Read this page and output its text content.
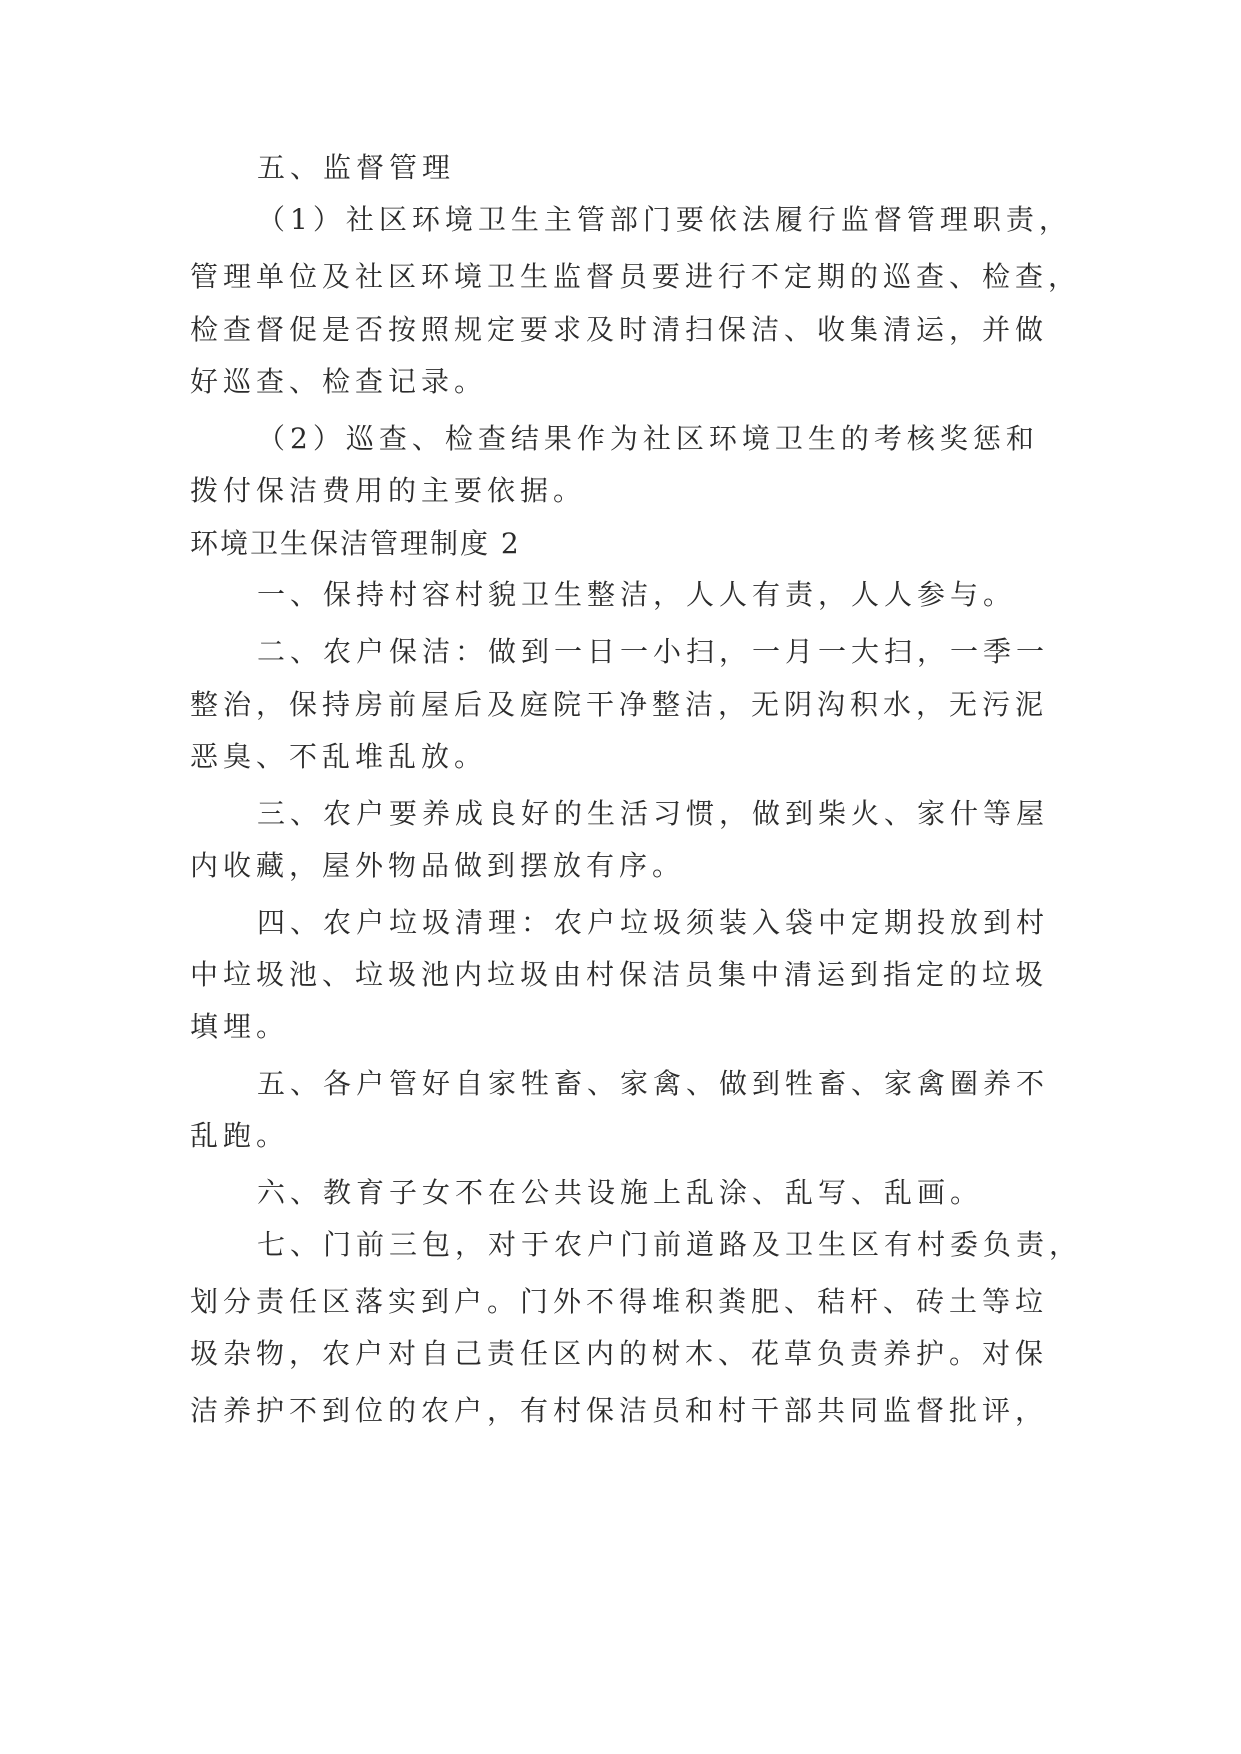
五、监督管理
（1）社区环境卫生主管部门要依法履行监督管理职责，
管理单位及社区环境卫生监督员要进行不定期的巡查、检查，
检查督促是否按照规定要求及时清扫保洁、收集清运，并做
好巡查、检查记录。
（2）巡查、检查结果作为社区环境卫生的考核奖惩和
拨付保洁费用的主要依据。
环境卫生保洁管理制度 2
一、保持村容村貌卫生整洁，人人有责，人人参与。
二、农户保洁：做到一日一小扫，一月一大扫，一季一
整治，保持房前屋后及庭院干净整洁，无阴沟积水，无污泥
恶臭、不乱堆乱放。
三、农户要养成良好的生活习惯，做到柴火、家什等屋
内收藏，屋外物品做到摆放有序。
四、农户垃圾清理：农户垃圾须装入袋中定期投放到村
中垃圾池、垃圾池内垃圾由村保洁员集中清运到指定的垃圾
填埋。
五、各户管好自家牲畜、家禽、做到牲畜、家禽圈养不
乱跑。
六、教育子女不在公共设施上乱涂、乱写、乱画。
七、门前三包，对于农户门前道路及卫生区有村委负责，
划分责任区落实到户。门外不得堆积粪肥、秸杆、砖土等垃
圾杂物，农户对自己责任区内的树木、花草负责养护。对保
洁养护不到位的农户，有村保洁员和村干部共同监督批评，
